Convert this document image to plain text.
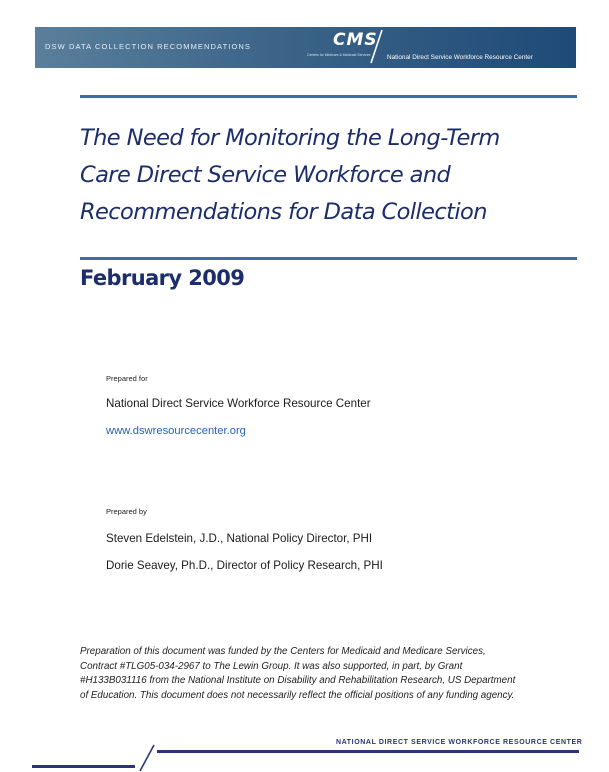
DSW DATA COLLECTION RECOMMENDATIONS	CMS
Centers for Medicare & Medicaid Services	National Direct Service Workforce Resource Center
The Need for Monitoring the Long-Term
Care Direct Service Workforce and
Recommendations for Data Collection
February 2009
Prepared for
National Direct Service Workforce Resource Center
www.dswresourcecenter.org
Prepared by
Steven Edelstein, J.D., National Policy Director, PHI
Dorie Seavey, Ph.D., Director of Policy Research, PHI

Preparation of this document was funded by the Centers for Medicaid and Medicare Services,
Contract #TLG05-034-2967 to The Lewin Group. It was also supported, in part, by Grant
#H133B031116 from the National Institute on Disability and Rehabilitation Research, US Department
of Education. This document does not necessarily reflect the official positions of any funding agency.

NATIONAL DIRECT SERVICE WORKFORCE RESOURCE CENTER
